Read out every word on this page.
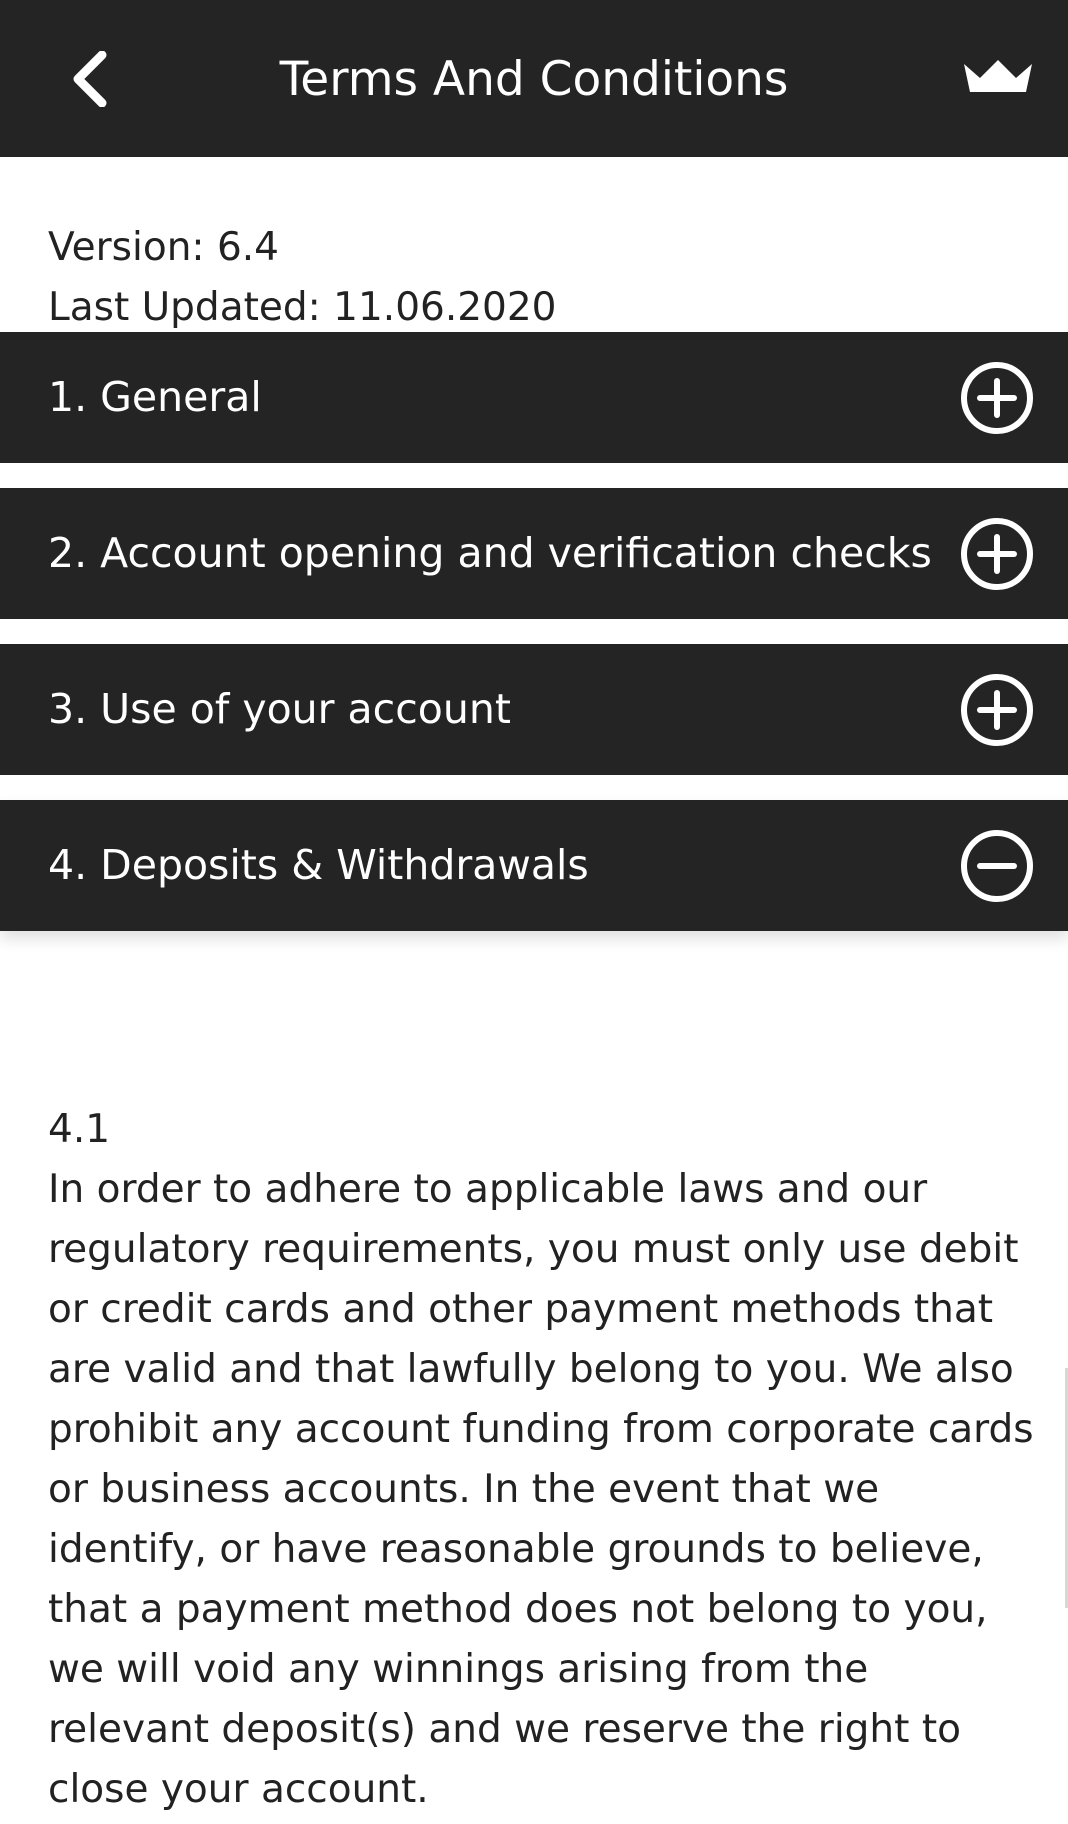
Terms And Conditions
Version: 6.4
Last Updated: 11.06.2020
1. General
2. Account opening and verification checks
3. Use of your account
4. Deposits & Withdrawals

4.1

In order to adhere to applicable laws and our regulatory requirements, you must only use debit or credit cards and other payment methods that are valid and that lawfully belong to you. We also prohibit any account funding from corporate cards or business accounts. In the event that we identify, or have reasonable grounds to believe, that a payment method does not belong to you, we will void any winnings arising from the relevant deposit(s) and we reserve the right to close your account.
